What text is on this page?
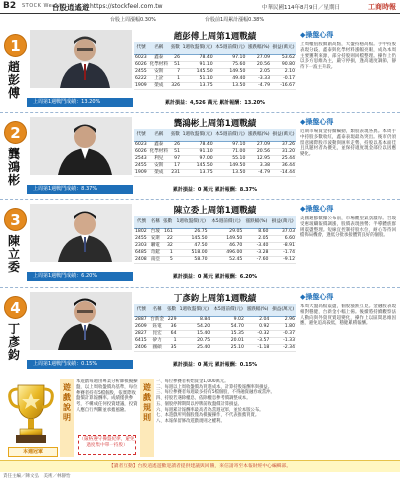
B2 STOCK Weekly
台股逍遙遊 https://stockfeel.com.tw	中華民國114年8月9日／星期日	工商時報
台股上周漲幅0.30%	台股前1周累計漲幅0.38%
1
趙
彭
傅
上周第1週戰鬥成績：13.20%
趙彭傅上周第1週戰績
代號	名稱	張數	1週收盤價(元)	本5週前價(元)	漲跌幅(%)	損益(萬元)
6023	鑫泰	26	78.40	97.10	27.09	53.62
6026	化學材料	51	91.10	75.60	20.56	90.80
2455	安斯	7	145.50	149.50	2.05	2.10
6222	上詮	1	51.10	49.40	-3.33	-0.17
1909	榮成	326	13.75	13.50	-4.79	-16.67
累計損益：4,526 萬元 累計報酬：13.20%
◆操盤心得
上周權值股續創高點，大盤持穩高檔。手中持股表現分歧，鑫泰與化學材料漲幅亮眼，成為本周主要獲利來源，部分持股則回檔整理。操作上仍以多方思維為主，嚴守停損，逢高適度調節，靜待下一波主升段。
2
龔
鴻
彬
上周第1週戰鬥成績：8.37%
龔鴻彬上周第1週戰績
代號	名稱	張數	1週收盤價(元)	本5週前價(元)	漲跌幅(%)	損益(萬元)
6023	鑫泰	26	78.40	97.10	27.09	37.26
6026	化學材料	51	91.10	71.00	20.56	31.20
2543	利兒	97	97.00	55.10	12.95	25.44
2455	安斯	17	145.50	149.50	3.38	36.44
1909	榮成	231	13.75	13.50	-4.79	-14.44
累計損益：0 萬元 累計報酬：8.37%
◆操盤心得
近期市場資金持續輪動，類股表現各異。本周手中持股多數收紅，鑫泰表現最為突出。後市仍須留意國際股市波動與匯率走勢，持股以基本面佳且具題材者為優先，並保持適度現金部位以因應變化。
3
陳
立
委
上周第1週戰鬥成績：6.20%
陳立委上周第1週戰績
代號	名稱	張數	1週收盤價(元)	本5週前價(元)	漲跌幅(%)	損益(萬元)
1802	台玻	161	26.75	29.05	8.60	37.03
2455	安斯	22	145.50	149.50	2.05	6.60
2303	聯電	32	47.50	46.70	-3.40	-8.91
6485	奇鋐	1	518.00	496.00	-3.28	-1.74
2408	南亞	5	58.70	52.45	-7.60	-9.12
累計損益：0 萬元 累計報酬：6.20%
◆操盤心得
美國通膨數據公布前，市場觀望氣氛濃厚。台玻受惠玻纖報價調漲，股價表現強勢；半導體族群則震盪整理。短線宜控制持股水位，耐心等待回檔佈局機會，逢低分批承接體質良好的個股。
4
丁
彥
鈞
上周第1週戰鬥成績：0.15%
丁彥鈞上周第1週戰績
代號	名稱	張數	1週收盤價(元)	本5週前價(元)	漲跌幅(%)	損益(萬元)
2887	台新金	229	8.84	9.02	2.04	2.96
2609	鈺電	36	54.20	54.70	0.92	1.80
2827	昆宏	64	15.40	15.35	-0.32	-0.37
6415	矽力	1	20.75	20.01	-3.57	-1.33
2406	國碩	35	25.40	25.10	-1.18	-2.34
累計損益：0 萬元 累計報酬：0.15%
◆操盤心得
本周大盤高檔震盪，個股漲跌互見。金融股表現相對穩健，台新金小幅上揚。後續將持續觀察法人動向與外資買賣超變化，操作上以區間思維因應，避免追高殺低，穩健累積報酬。
本週冠軍
遊戲說明
本遊戲每週由專業分析師模擬操盤，以上周收盤價為基準，每位參賽者持有5檔個股，依實際收盤價計算報酬率。成績僅供參考，不構成任何投資建議，投資人應自行判斷並承擔風險。
（嚴格遵守操盤紀律，避免過度集中單一持股）
遊戲規則
一、每位參賽者初始資金1,000萬元。
二、每週以上周收盤價為買進成本，計算持股報酬率與損益。
三、每位參賽者每週最多持有5檔個股，不得融資融券或當沖。
四、持股若遇除權息，依除權息參考價調整成本。
五、個股停牌期間以停牌前收盤價計算損益。
六、每週累計報酬率最高者為當週冠軍，並於本版公布。
七、本遊戲所列個股僅為模擬操作，不代表推薦買賣。
八、本報保留修改遊戲規則之權利。
【讀者互動】台股逍遙遊歡迎讀者提供建議與回饋，來信請寄至本報財經中心編輯部。
責任主編／陳文弘　美術／林靜怡
